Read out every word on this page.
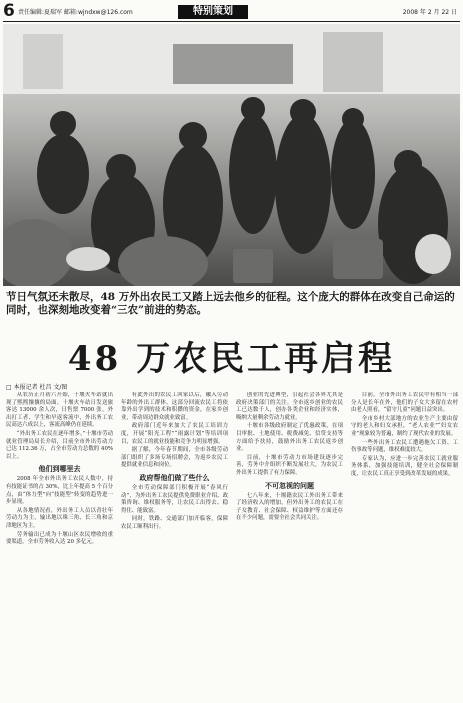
6 责任编辑:夏瑞军 邮箱:wjndxw@126.com	特别策划	2008 年 2 月 22 日
节日气氛还未散尽，48 万外出农民工又踏上远去他乡的征程。这个庞大的群体在改变自己命运的同时，也深刻地改变着“三农”前进的势态。
48 万农民工再启程
□ 本报记者 杜昌 文/图

从农历正月初六开始，十堰火车站就出现了熙熙攘攘的局面。十堰火车站日发送旅客达 13000 余人次，日售票 7000 张。外出打工者、学生和早返客流中，外出务工农民高达六成以上，客流高峰仍在延续。

“外出务工农民在逐年增多。”十堰市劳动就业管理局局长介绍，目前全市外出劳动力已达 112.36 万，占全市劳动力总数的 40% 以上。

他们到哪里去

2008 年全市外出务工农民人数中，持有技能证书的占 30%，比上年提高 5 个百分点，由“体力型”向“技能型”转变的趋势进一步显现。

从各地情况看，外出务工人员以青壮年劳动力为主，输出地以珠三角、长三角和京津地区为主。

劳务输出已成为十堰山区农民增收的重要渠道，全市劳务收入达 20 多亿元。

有此外出的农民工回家以后，融入劳动年龄的外出工群体。这部分回流农民工将依靠外出学到的技术和积攒的资金，在家乡创业，带动周边群众就业致富。

政府部门近年来加大了农民工培训力度，开展“阳光工程”“雨露计划”等培训项目，农民工的就业技能和竞争力明显增强。

据了解，今年春节期间，全市各级劳动部门组织了多场专场招聘会，为返乡农民工提供就业信息和岗位。

政府帮他们做了些什么

全市劳动保障部门积极开展“春风行动”，为外出务工农民提供免费职业介绍、政策咨询、维权服务等，让农民工出得去、稳得住、能致富。

同时，铁路、交通部门加开临客，保障农民工顺利出行。

创业的先进典型，引起社会各界尤其是政府决策部门的关注。全市返乡创业的农民工已达数千人，创办各类企业和经济实体，吸纳大量剩余劳动力就业。

十堰市各级政府制定了优惠政策，在项目审批、土地使用、税费减免、信贷支持等方面给予扶持，鼓励外出务工农民返乡创业。

目前，十堰市劳动力市场建设逐步完善，劳务中介组织不断发展壮大，为农民工外出务工提供了有力保障。

不可忽视的问题

七八年来，十堰籍农民工外出务工带来了经济收入的增加，但外出务工的农民工在子女教育、社会保障、权益维护等方面还存在不少问题，需要全社会共同关注。

目前，全市外出务工农民中有相当一部分人是长年在外，他们的子女大多留在农村由老人照看，“留守儿童”问题日益突出。

全市乡村大部地方的农业生产主要由留守的老人和妇女承担，“老人农业”“妇女农业”现象较为普遍，制约了现代农业的发展。

一些外出务工农民工遭遇拖欠工资、工伤事故等问题，维权难度较大。

专家认为，应进一步完善农民工就业服务体系，加强技能培训，健全社会保障制度，让农民工真正享受到改革发展的成果。
